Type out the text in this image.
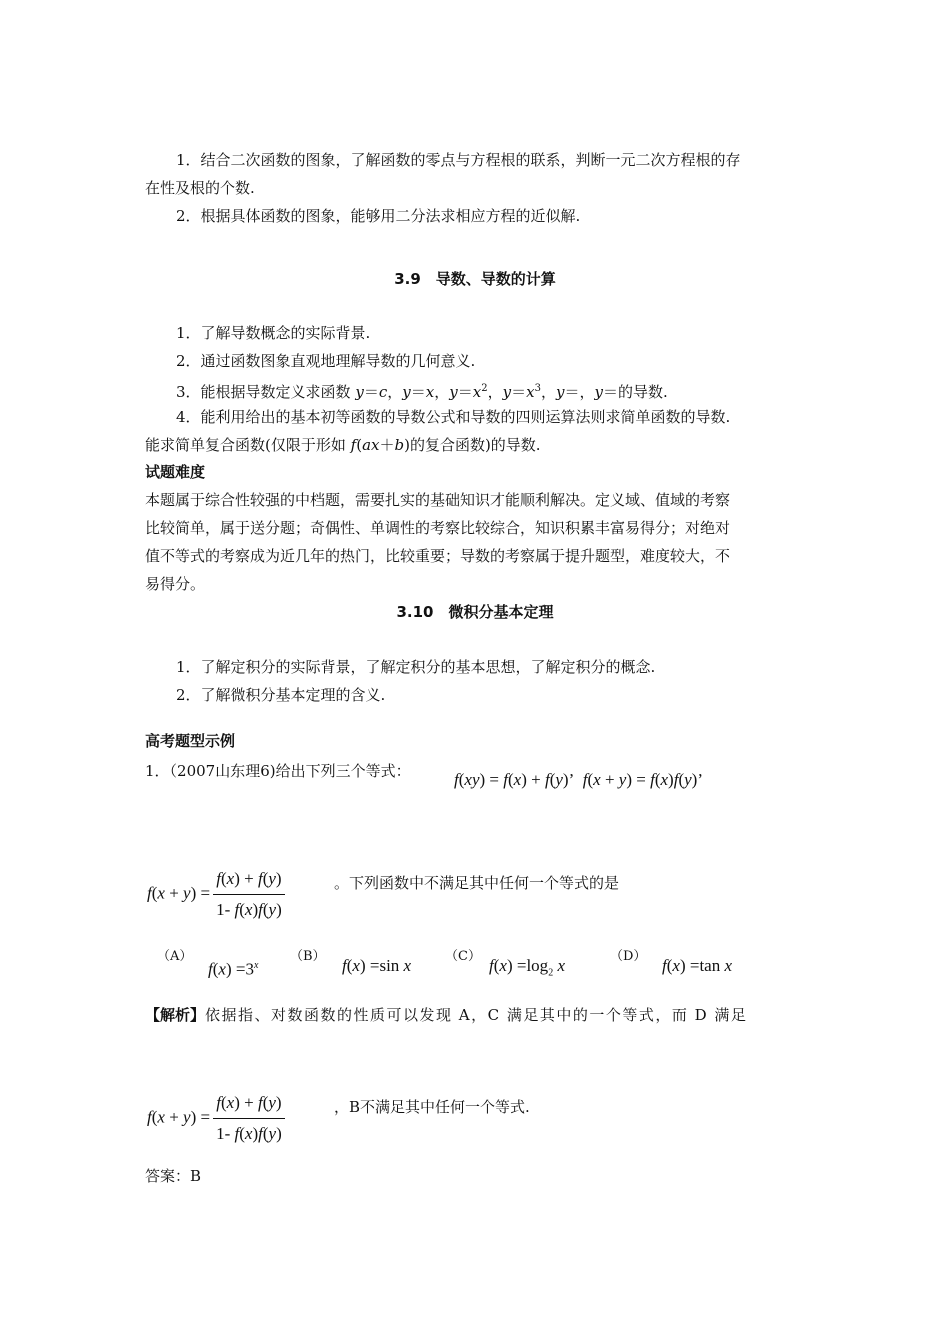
1．结合二次函数的图象，了解函数的零点与方程根的联系，判断一元二次方程根的存
在性及根的个数.
2．根据具体函数的图象，能够用二分法求相应方程的近似解.
3.9　导数、导数的计算
1．了解导数概念的实际背景.
2．通过函数图象直观地理解导数的几何意义.
3．能根据导数定义求函数 y＝c，y＝x，$y=x^2$，$y=x^3$，y＝，y＝的导数.
4．能利用给出的基本初等函数的导数公式和导数的四则运算法则求简单函数的导数.
能求简单复合函数(仅限于形如 f(ax＋b)的复合函数)的导数.
试题难度
本题属于综合性较强的中档题，需要扎实的基础知识才能顺利解决。定义域、值域的考察
比较简单，属于送分题；奇偶性、单调性的考察比较综合，知识积累丰富易得分；对绝对
值不等式的考察成为近几年的热门，比较重要；导数的考察属于提升题型，难度较大，不
易得分。
3.10　微积分基本定理
1．了解定积分的实际背景，了解定积分的基本思想，了解定积分的概念.
2．了解微积分基本定理的含义.
高考题型示例
1．（2007山东理6)给出下列三个等式：	f(xy) = f(x) + f(y)’  f(x + y) = f(x)f(y)’
$f(x + y) = \frac{f(x) + f(y)}{1- f(x)f(y)}$	。下列函数中不满足其中任何一个等式的是
（A）
$f(x) =3^x$
（B） f(x) =sin x	（C） $f(x) =\log_2$ x	（D） f(x) =tan x
【解析】依据指、对数函数的性质可以发现 A，C 满足其中的一个等式，而 D 满足
$f(x + y) = \frac{f(x) + f(y)}{1- f(x)f(y)}$	，B不满足其中任何一个等式.
答案：B
